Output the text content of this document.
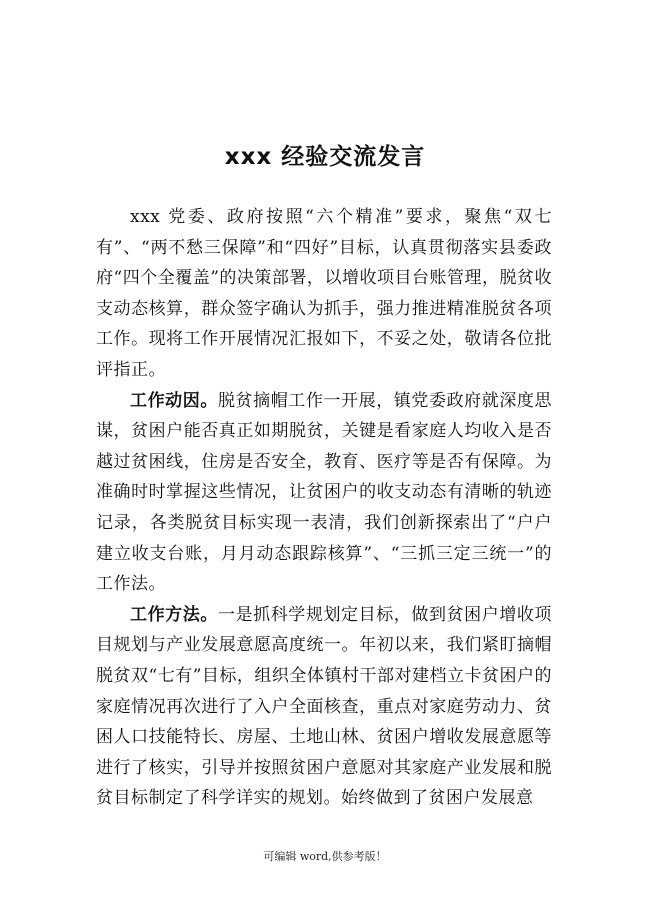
xxx 经验交流发言

xxx 党委、政府按照“六个精准”要求，聚焦“双七有”、“两不愁三保障”和“四好”目标，认真贯彻落实县委政府“四个全覆盖”的决策部署，以增收项目台账管理，脱贫收支动态核算，群众签字确认为抓手，强力推进精准脱贫各项工作。现将工作开展情况汇报如下，不妥之处，敬请各位批评指正。

工作动因。脱贫摘帽工作一开展，镇党委政府就深度思谋，贫困户能否真正如期脱贫，关键是看家庭人均收入是否越过贫困线，住房是否安全，教育、医疗等是否有保障。为准确时时掌握这些情况，让贫困户的收支动态有清晰的轨迹记录，各类脱贫目标实现一表清，我们创新探索出了“户户建立收支台账，月月动态跟踪核算”、“三抓三定三统一”的工作法。

工作方法。一是抓科学规划定目标，做到贫困户增收项目规划与产业发展意愿高度统一。年初以来，我们紧盯摘帽脱贫双“七有”目标，组织全体镇村干部对建档立卡贫困户的家庭情况再次进行了入户全面核查，重点对家庭劳动力、贫困人口技能特长、房屋、土地山林、贫困户增收发展意愿等进行了核实，引导并按照贫困户意愿对其家庭产业发展和脱贫目标制定了科学详实的规划。始终做到了贫困户发展意

可编辑 word,供参考版！
